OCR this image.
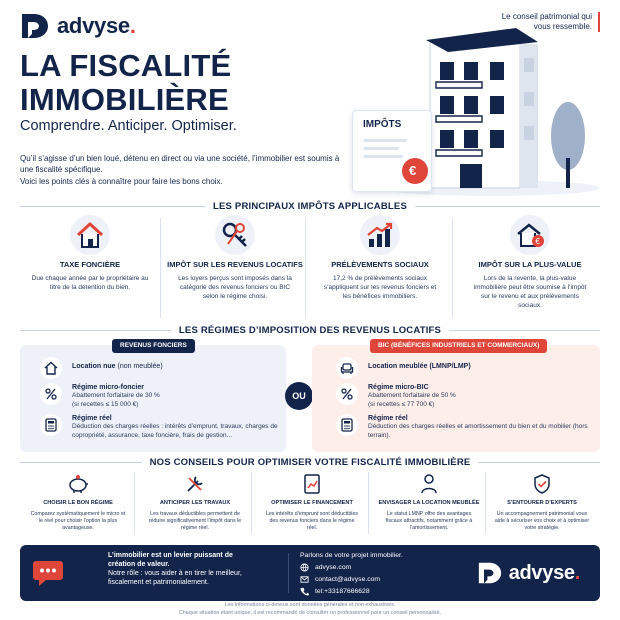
advyse.	Le conseil patrimonial qui vous ressemble.
LA FISCALITÉ
IMMOBILIÈRE
Comprendre. Anticiper. Optimiser.

Qu’il s’agisse d’un bien loué, détenu en direct ou via une société, l’immobilier est soumis à une fiscalité spécifique.

Voici les points clés à connaître pour faire les bons choix.

IMPÔTS
€
LES PRINCIPAUX IMPÔTS APPLICABLES
TAXE FONCIÈRE
Due chaque année par le propriétaire au titre de la détention du bien.
IMPÔT SUR LES REVENUS LOCATIFS
Les loyers perçus sont imposés dans la catégorie des revenus fonciers ou BIC selon le régime choisi.
PRÉLÈVEMENTS SOCIAUX
17,2 % de prélèvements sociaux s’appliquent sur les revenus fonciers et les bénéfices immobiliers.
€
IMPÔT SUR LA PLUS-VALUE
Lors de la revente, la plus-value immobilière peut être soumise à l’impôt sur le revenu et aux prélèvements sociaux.
LES RÉGIMES D’IMPOSITION DES REVENUS LOCATIFS
REVENUS FONCIERS
Location nue (non meublée)
Régime micro-foncier
Abattement forfaitaire de 30 %
(si recettes ≤ 15 000 €)
Régime réel
Déduction des charges réelles : intérêts d’emprunt, travaux, charges de copropriété, assurance, taxe foncière, frais de gestion...
OU
BIC (BÉNÉFICES INDUSTRIELS ET COMMERCIAUX)
Location meublée (LMNP/LMP)
Régime micro-BIC
Abattement forfaitaire de 50 %
(si recettes ≤ 77 700 €)
Régime réel
Déduction des charges réelles et amortissement du bien et du mobilier (hors terrain).
NOS CONSEILS POUR OPTIMISER VOTRE FISCALITÉ IMMOBILIÈRE
CHOISIR LE BON RÉGIME
Comparez systématiquement le micro et le réel pour choisir l’option la plus avantageuse.
ANTICIPER LES TRAVAUX
Les travaux déductibles permettent de réduire significativement l’impôt dans le régime réel.
OPTIMISER LE FINANCEMENT
Les intérêts d’emprunt sont déductibles des revenus fonciers dans le régime réel.
ENVISAGER LA LOCATION MEUBLÉE
Le statut LMNP offre des avantages fiscaux attractifs, notamment grâce à l’amortissement.
S’ENTOURER D’EXPERTS
Un accompagnement patrimonial vous aide à sécuriser vos choix et à optimiser votre stratégie.
L’immobilier est un levier puissant de création de valeur.
Notre rôle : vous aider à en tirer le meilleur, fiscalement et patrimonialement.
Parlons de votre projet immobilier.
advyse.com
contact@advyse.com
tel:+33187666628
advyse.
Les informations ci-dessus sont données générales et non exhaustives.
Chaque situation étant unique, il est recommandé de consulter un professionnel pour un conseil personnalisé.
